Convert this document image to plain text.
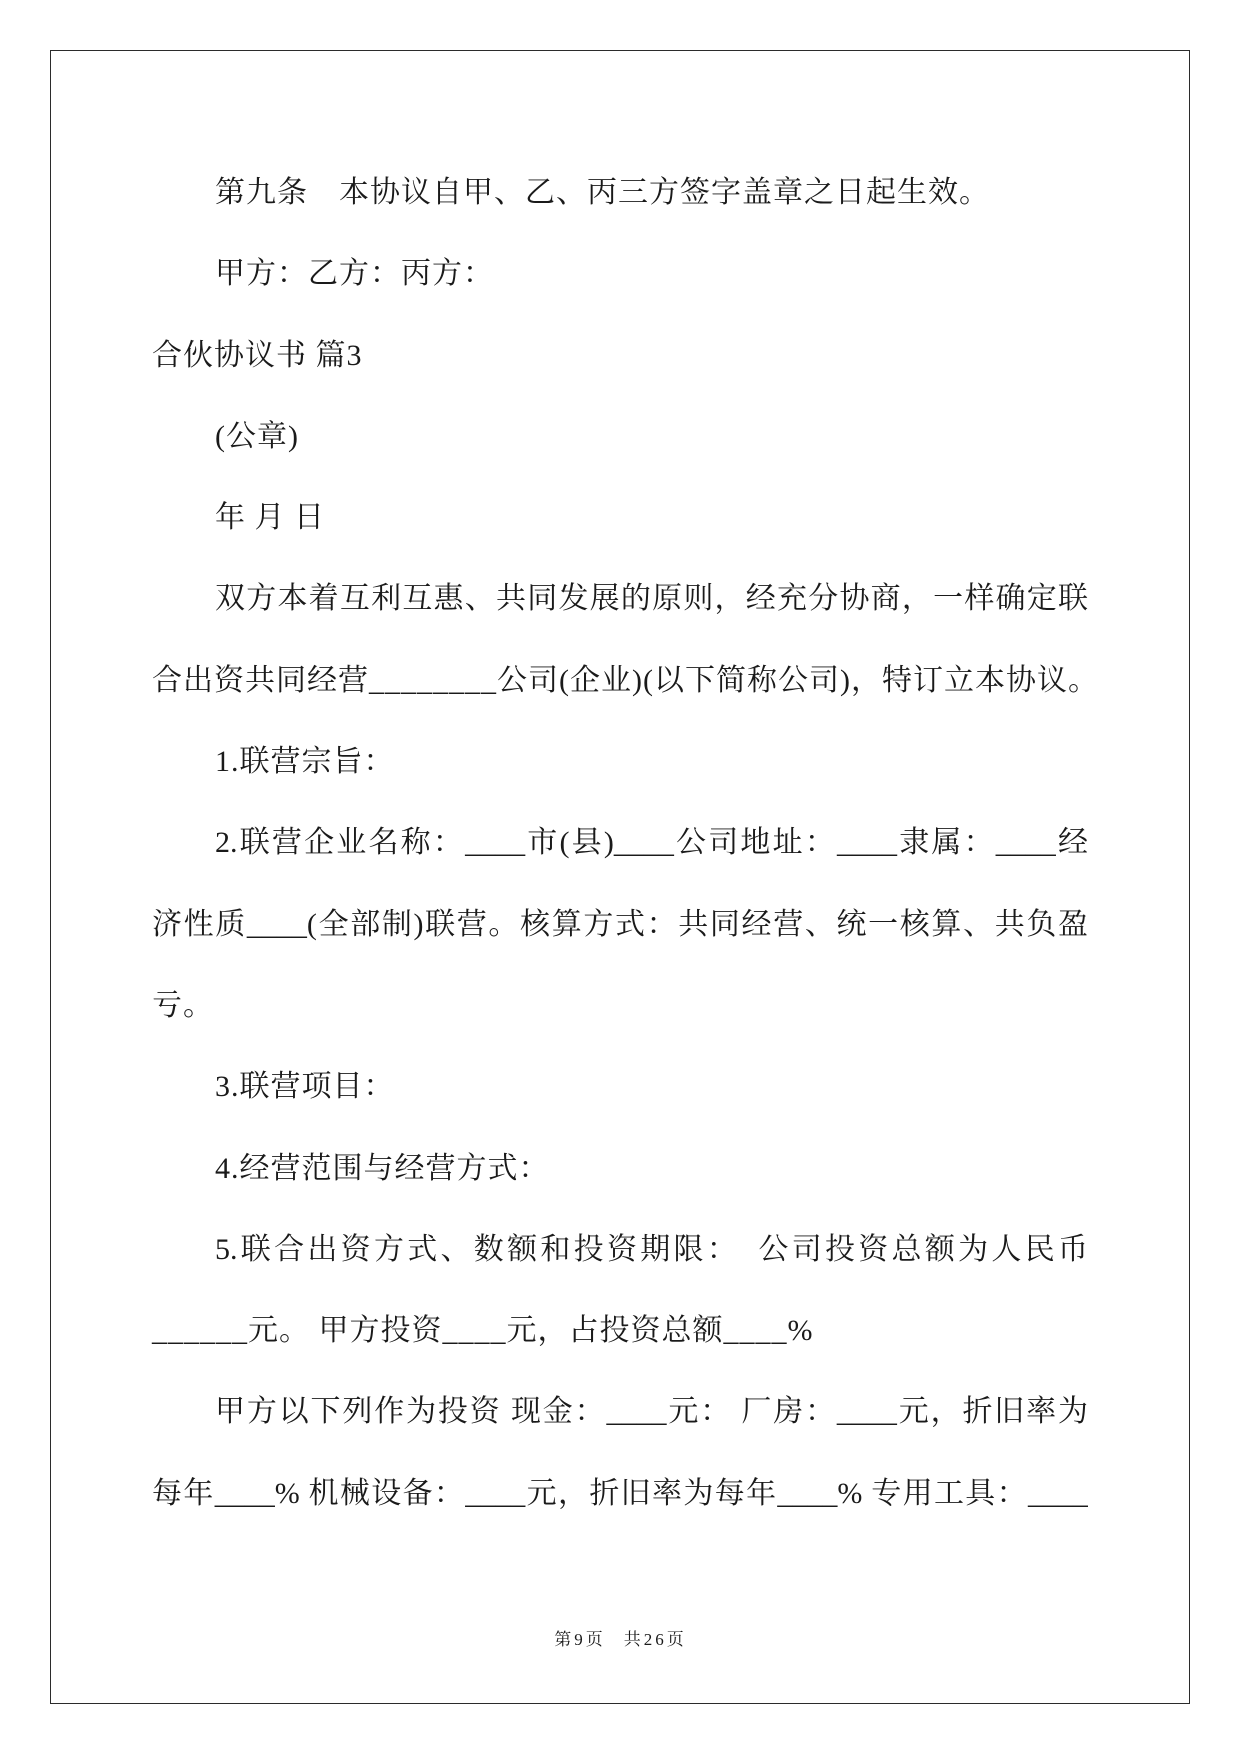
第九条　本协议自甲、乙、丙三方签字盖章之日起生效。
甲方：乙方：丙方：
合伙协议书 篇3
(公章)
年 月 日
双方本着互利互惠、共同发展的原则，经充分协商，一样确定联
合出资共同经营________公司(企业)(以下简称公司)，特订立本协议。
1.联营宗旨：
2.联营企业名称：____市(县)____公司地址：____隶属：____经
济性质____(全部制)联营。核算方式：共同经营、统一核算、共负盈
亏。
3.联营项目：
4.经营范围与经营方式：
5.联合出资方式、数额和投资期限：　公司投资总额为人民币
______元。 甲方投资____元，占投资总额____%
甲方以下列作为投资 现金：____元： 厂房：____元，折旧率为
每年____% 机械设备：____元，折旧率为每年____% 专用工具：____
第9页 共26页
